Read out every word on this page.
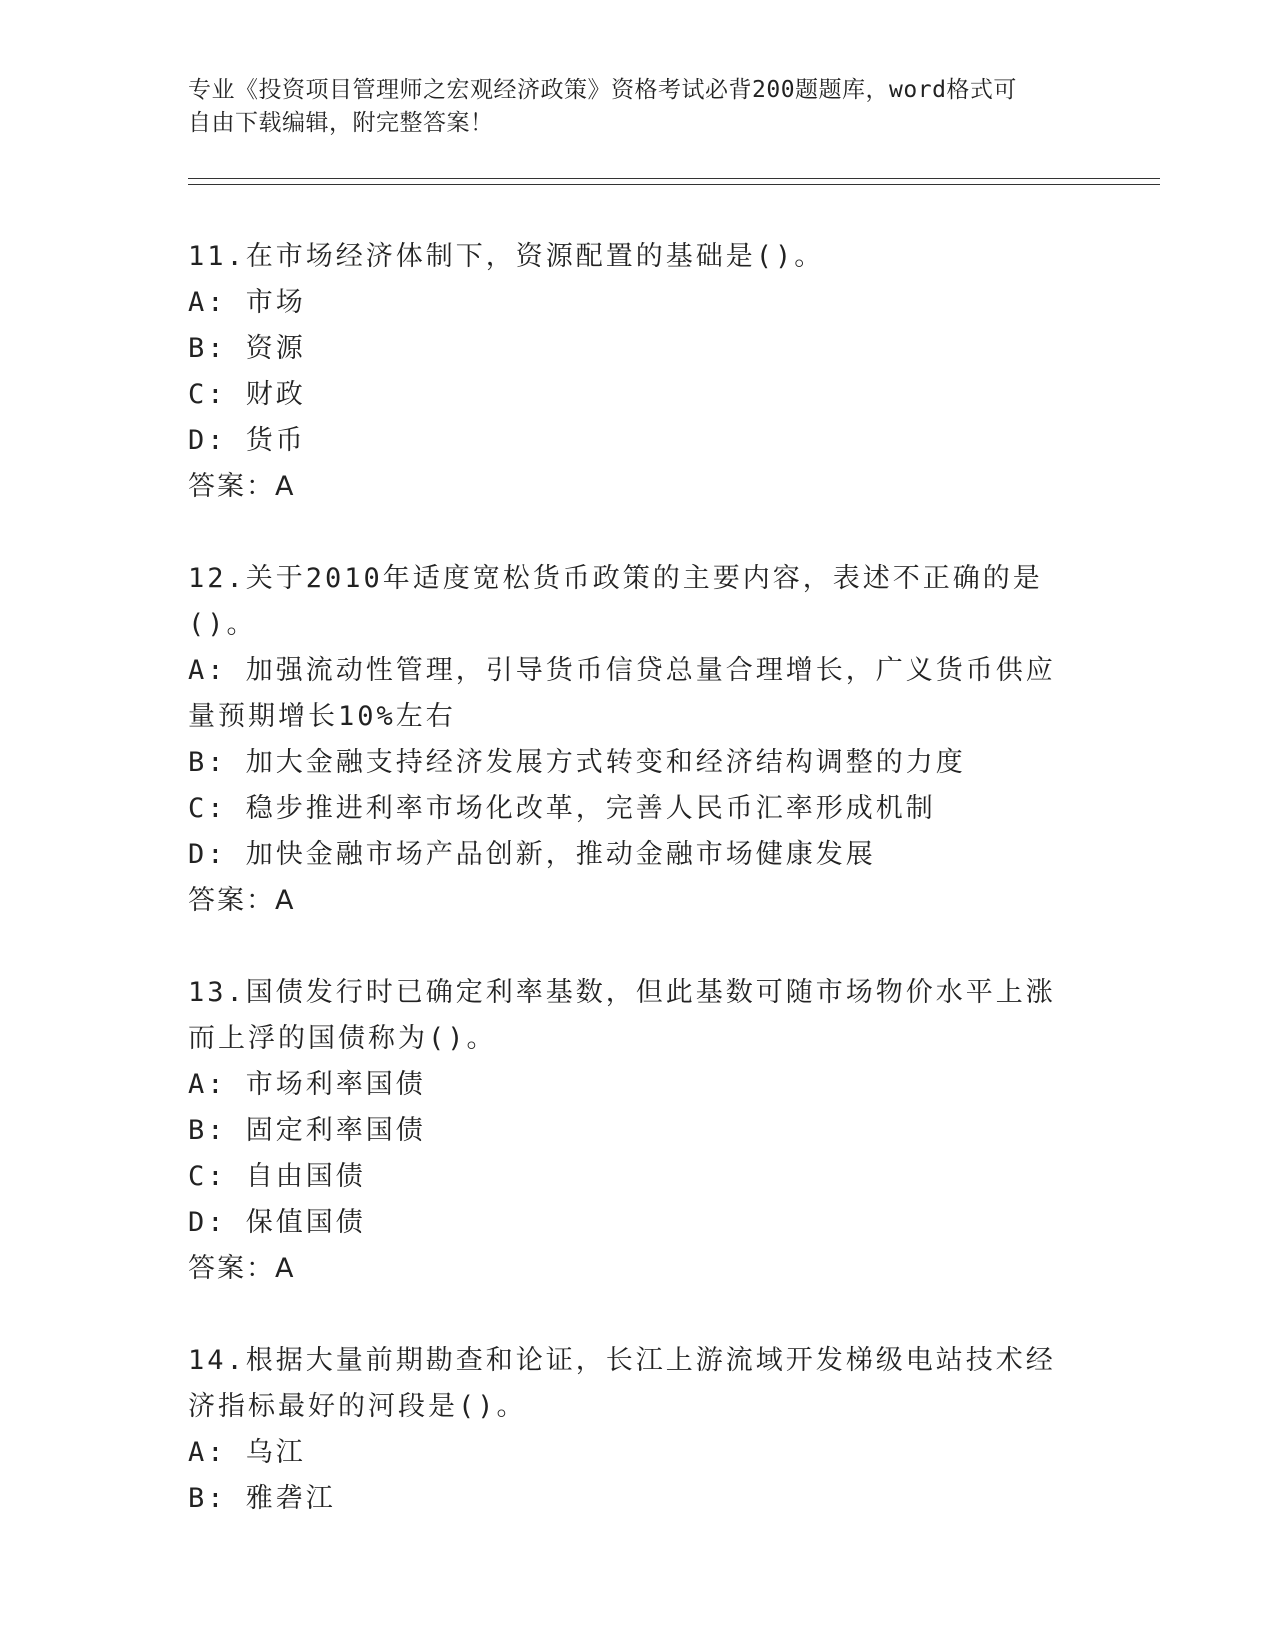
专业《投资项目管理师之宏观经济政策》资格考试必背200题题库，word格式可
自由下载编辑，附完整答案！

11.在市场经济体制下，资源配置的基础是()。

A: 市场

B: 资源

C: 财政

D: 货币

答案：A

12.关于2010年适度宽松货币政策的主要内容，表述不正确的是()。

A: 加强流动性管理，引导货币信贷总量合理增长，广义货币供应量预期增长10%左右

B: 加大金融支持经济发展方式转变和经济结构调整的力度

C: 稳步推进利率市场化改革，完善人民币汇率形成机制

D: 加快金融市场产品创新，推动金融市场健康发展

答案：A

13.国债发行时已确定利率基数，但此基数可随市场物价水平上涨而上浮的国债称为()。

A: 市场利率国债

B: 固定利率国债

C: 自由国债

D: 保值国债

答案：A

14.根据大量前期勘查和论证，长江上游流域开发梯级电站技术经济指标最好的河段是()。

A: 乌江

B: 雅砻江
